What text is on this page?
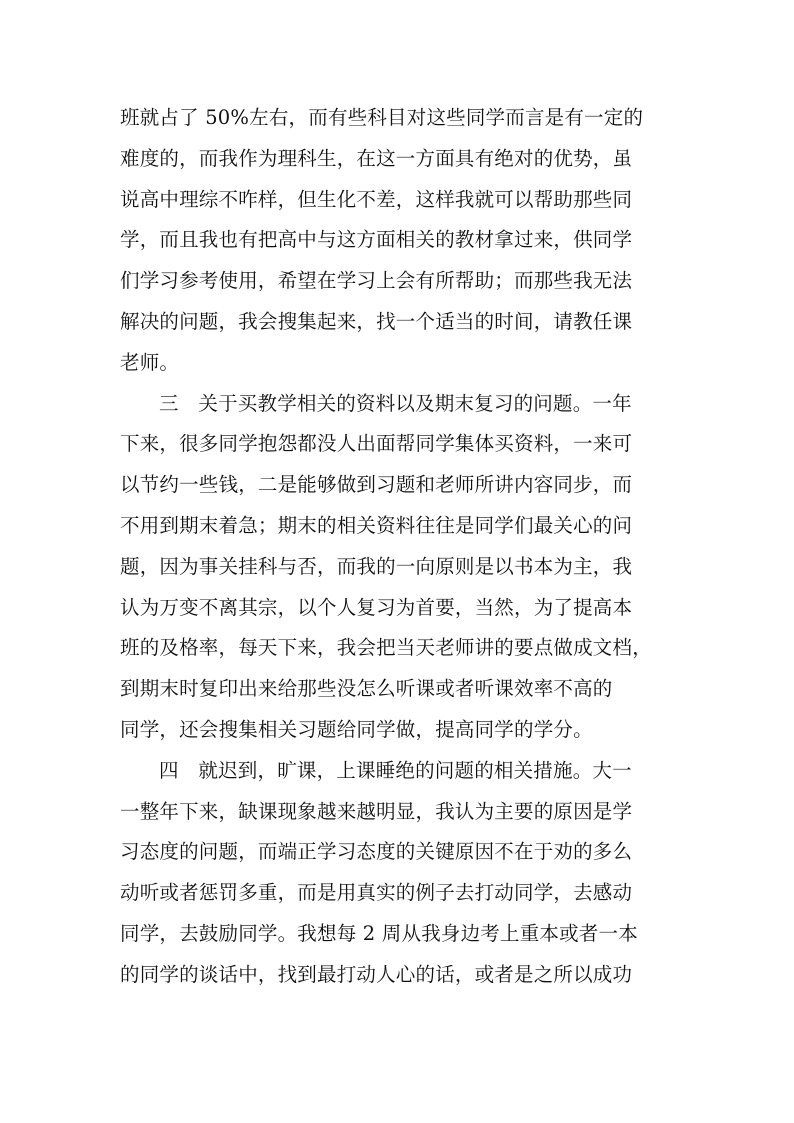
班就占了 50%左右，而有些科目对这些同学而言是有一定的
难度的，而我作为理科生，在这一方面具有绝对的优势，虽
说高中理综不咋样，但生化不差，这样我就可以帮助那些同
学，而且我也有把高中与这方面相关的教材拿过来，供同学
们学习参考使用，希望在学习上会有所帮助；而那些我无法
解决的问题，我会搜集起来，找一个适当的时间，请教任课
老师。
三　关于买教学相关的资料以及期末复习的问题。一年
下来，很多同学抱怨都没人出面帮同学集体买资料，一来可
以节约一些钱，二是能够做到习题和老师所讲内容同步，而
不用到期末着急；期末的相关资料往往是同学们最关心的问
题，因为事关挂科与否，而我的一向原则是以书本为主，我
认为万变不离其宗，以个人复习为首要，当然，为了提高本
班的及格率，每天下来，我会把当天老师讲的要点做成文档，
到期末时复印出来给那些没怎么听课或者听课效率不高的
同学，还会搜集相关习题给同学做，提高同学的学分。
四　就迟到，旷课，上课睡绝的问题的相关措施。大一
一整年下来，缺课现象越来越明显，我认为主要的原因是学
习态度的问题，而端正学习态度的关键原因不在于劝的多么
动听或者惩罚多重，而是用真实的例子去打动同学，去感动
同学，去鼓励同学。我想每 2 周从我身边考上重本或者一本
的同学的谈话中，找到最打动人心的话，或者是之所以成功
